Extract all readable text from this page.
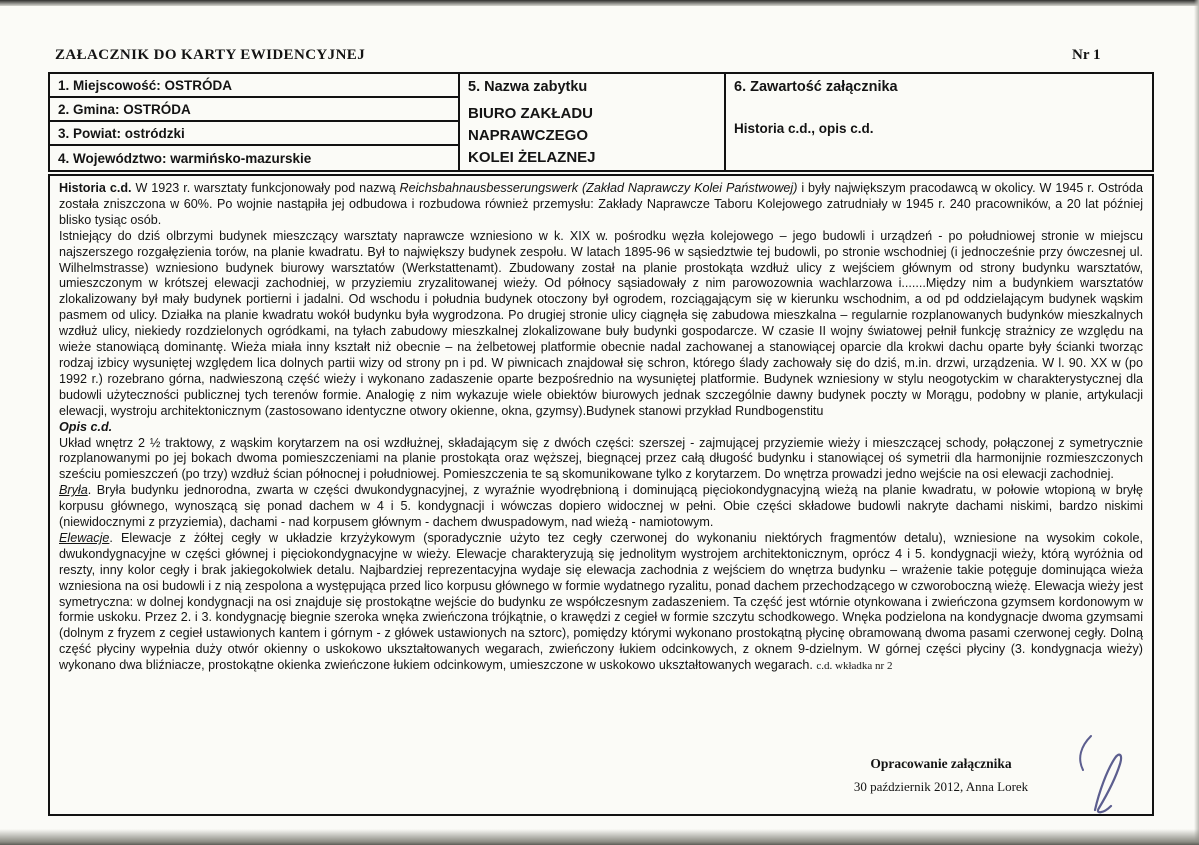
ZAŁACZNIK DO KARTY EWIDENCYJNEJ	Nr 1
1. Miejscowość: OSTRÓDA
2. Gmina: OSTRÓDA
3. Powiat: ostródzki
4. Województwo: warmińsko-mazurskie
5. Nazwa zabytku
BIURO ZAKŁADU NAPRAWCZEGO
KOLEI ŻELAZNEJ
6. Zawartość załącznika
Historia c.d., opis c.d.

Historia c.d. W 1923 r. warsztaty funkcjonowały pod nazwą Reichsbahnausbesserungswerk (Zakład Naprawczy Kolei Państwowej) i były największym pracodawcą w okolicy. W 1945 r. Ostróda została zniszczona w 60%. Po wojnie nastąpiła jej odbudowa i rozbudowa również przemysłu: Zakłady Naprawcze Taboru Kolejowego zatrudniały w 1945 r. 240 pracowników, a 20 lat później blisko tysiąc osób.

Istniejący do dziś olbrzymi budynek mieszczący warsztaty naprawcze wzniesiono w k. XIX w. pośrodku węzła kolejowego – jego budowli i urządzeń - po południowej stronie w miejscu najszerszego rozgałęzienia torów, na planie kwadratu. Był to największy budynek zespołu. W latach 1895-96 w sąsiedztwie tej budowli, po stronie wschodniej (i jednocześnie przy ówczesnej ul. Wilhelmstrasse) wzniesiono budynek biurowy warsztatów (Werkstattenamt). Zbudowany został na planie prostokąta wzdłuż ulicy z wejściem głównym od strony budynku warsztatów, umieszczonym w krótszej elewacji zachodniej, w przyziemiu zryzalitowanej wieży. Od północy sąsiadowały z nim parowozownia wachlarzowa i.......Między nim a budynkiem warsztatów zlokalizowany był mały budynek portierni i jadalni. Od wschodu i południa budynek otoczony był ogrodem, rozciągającym się w kierunku wschodnim, a od pd oddzielającym budynek wąskim pasmem od ulicy. Działka na planie kwadratu wokół budynku była wygrodzona. Po drugiej stronie ulicy ciągnęła się zabudowa mieszkalna – regularnie rozplanowanych budynków mieszkalnych wzdłuż ulicy, niekiedy rozdzielonych ogródkami, na tyłach zabudowy mieszkalnej zlokalizowane buły budynki gospodarcze. W czasie II wojny światowej pełnił funkcję strażnicy ze względu na wieże stanowiącą dominantę. Wieża miała inny kształt niż obecnie – na żelbetowej platformie obecnie nadal zachowanej a stanowiącej oparcie dla krokwi dachu oparte były ścianki tworząc rodzaj izbicy wysuniętej względem lica dolnych partii wizy od strony pn i pd. W piwnicach znajdował się schron, którego ślady zachowały się do dziś, m.in. drzwi, urządzenia. W l. 90. XX w (po 1992 r.) rozebrano górna, nadwieszoną część wieży i wykonano zadaszenie oparte bezpośrednio na wysuniętej platformie. Budynek wzniesiony w stylu neogotyckim w charakterystycznej dla budowli użyteczności publicznej tych terenów formie. Analogię z nim wykazuje wiele obiektów biurowych jednak szczególnie dawny budynek poczty w Morągu, podobny w planie, artykulacji elewacji, wystroju architektonicznym (zastosowano identyczne otwory okienne, okna, gzymsy).Budynek stanowi przykład Rundbogenstitu

Opis c.d.

Układ wnętrz 2 ½ traktowy, z wąskim korytarzem na osi wzdłużnej, składającym się z dwóch części: szerszej - zajmującej przyziemie wieży i mieszczącej schody, połączonej z symetrycznie rozplanowanymi po jej bokach dwoma pomieszczeniami na planie prostokąta oraz węższej, biegnącej przez całą długość budynku i stanowiącej oś symetrii dla harmonijnie rozmieszczonych sześciu pomieszczeń (po trzy) wzdłuż ścian północnej i południowej. Pomieszczenia te są skomunikowane tylko z korytarzem. Do wnętrza prowadzi jedno wejście na osi elewacji zachodniej.

Bryła. Bryła budynku jednorodna, zwarta w części dwukondygnacyjnej, z wyraźnie wyodrębnioną i dominującą pięciokondygnacyjną wieżą na planie kwadratu, w połowie wtopioną w bryłę korpusu głównego, wynoszącą się ponad dachem w 4 i 5. kondygnacji i wówczas dopiero widocznej w pełni. Obie części składowe budowli nakryte dachami niskimi, bardzo niskimi (niewidocznymi z przyziemia), dachami - nad korpusem głównym - dachem dwuspadowym, nad wieżą - namiotowym.

Elewacje. Elewacje z żółtej cegły w układzie krzyżykowym (sporadycznie użyto tez cegły czerwonej do wykonaniu niektórych fragmentów detalu), wzniesione na wysokim cokole, dwukondygnacyjne w części głównej i pięciokondygnacyjne w wieży. Elewacje charakteryzują się jednolitym wystrojem architektonicznym, oprócz 4 i 5. kondygnacji wieży, którą wyróżnia od reszty, inny kolor cegły i brak jakiegokolwiek detalu. Najbardziej reprezentacyjna wydaje się elewacja zachodnia z wejściem do wnętrza budynku – wrażenie takie potęguje dominująca wieża wzniesiona na osi budowli i z nią zespolona a występująca przed lico korpusu głównego w formie wydatnego ryzalitu, ponad dachem przechodzącego w czworoboczną wieżę. Elewacja wieży jest symetryczna: w dolnej kondygnacji na osi znajduje się prostokątne wejście do budynku ze współczesnym zadaszeniem. Ta część jest wtórnie otynkowana i zwieńczona gzymsem kordonowym w formie uskoku. Przez 2. i 3. kondygnację biegnie szeroka wnęka zwieńczona trójkątnie, o krawędzi z cegieł w formie szczytu schodkowego. Wnęka podzielona na kondygnacje dwoma gzymsami (dolnym z fryzem z cegieł ustawionych kantem i górnym - z główek ustawionych na sztorc), pomiędzy którymi wykonano prostokątną płycinę obramowaną dwoma pasami czerwonej cegły. Dolną część płyciny wypełnia duży otwór okienny o uskokowo ukształtowanych wegarach, zwieńczony łukiem odcinkowych, z oknem 9-dzielnym. W górnej części płyciny (3. kondygnacja wieży) wykonano dwa bliźniacze, prostokątne okienka zwieńczone łukiem odcinkowym, umieszczone w uskokowo ukształtowanych wegarach. c.d. wkładka nr 2

Opracowanie załącznika
30 październik 2012, Anna Lorek
